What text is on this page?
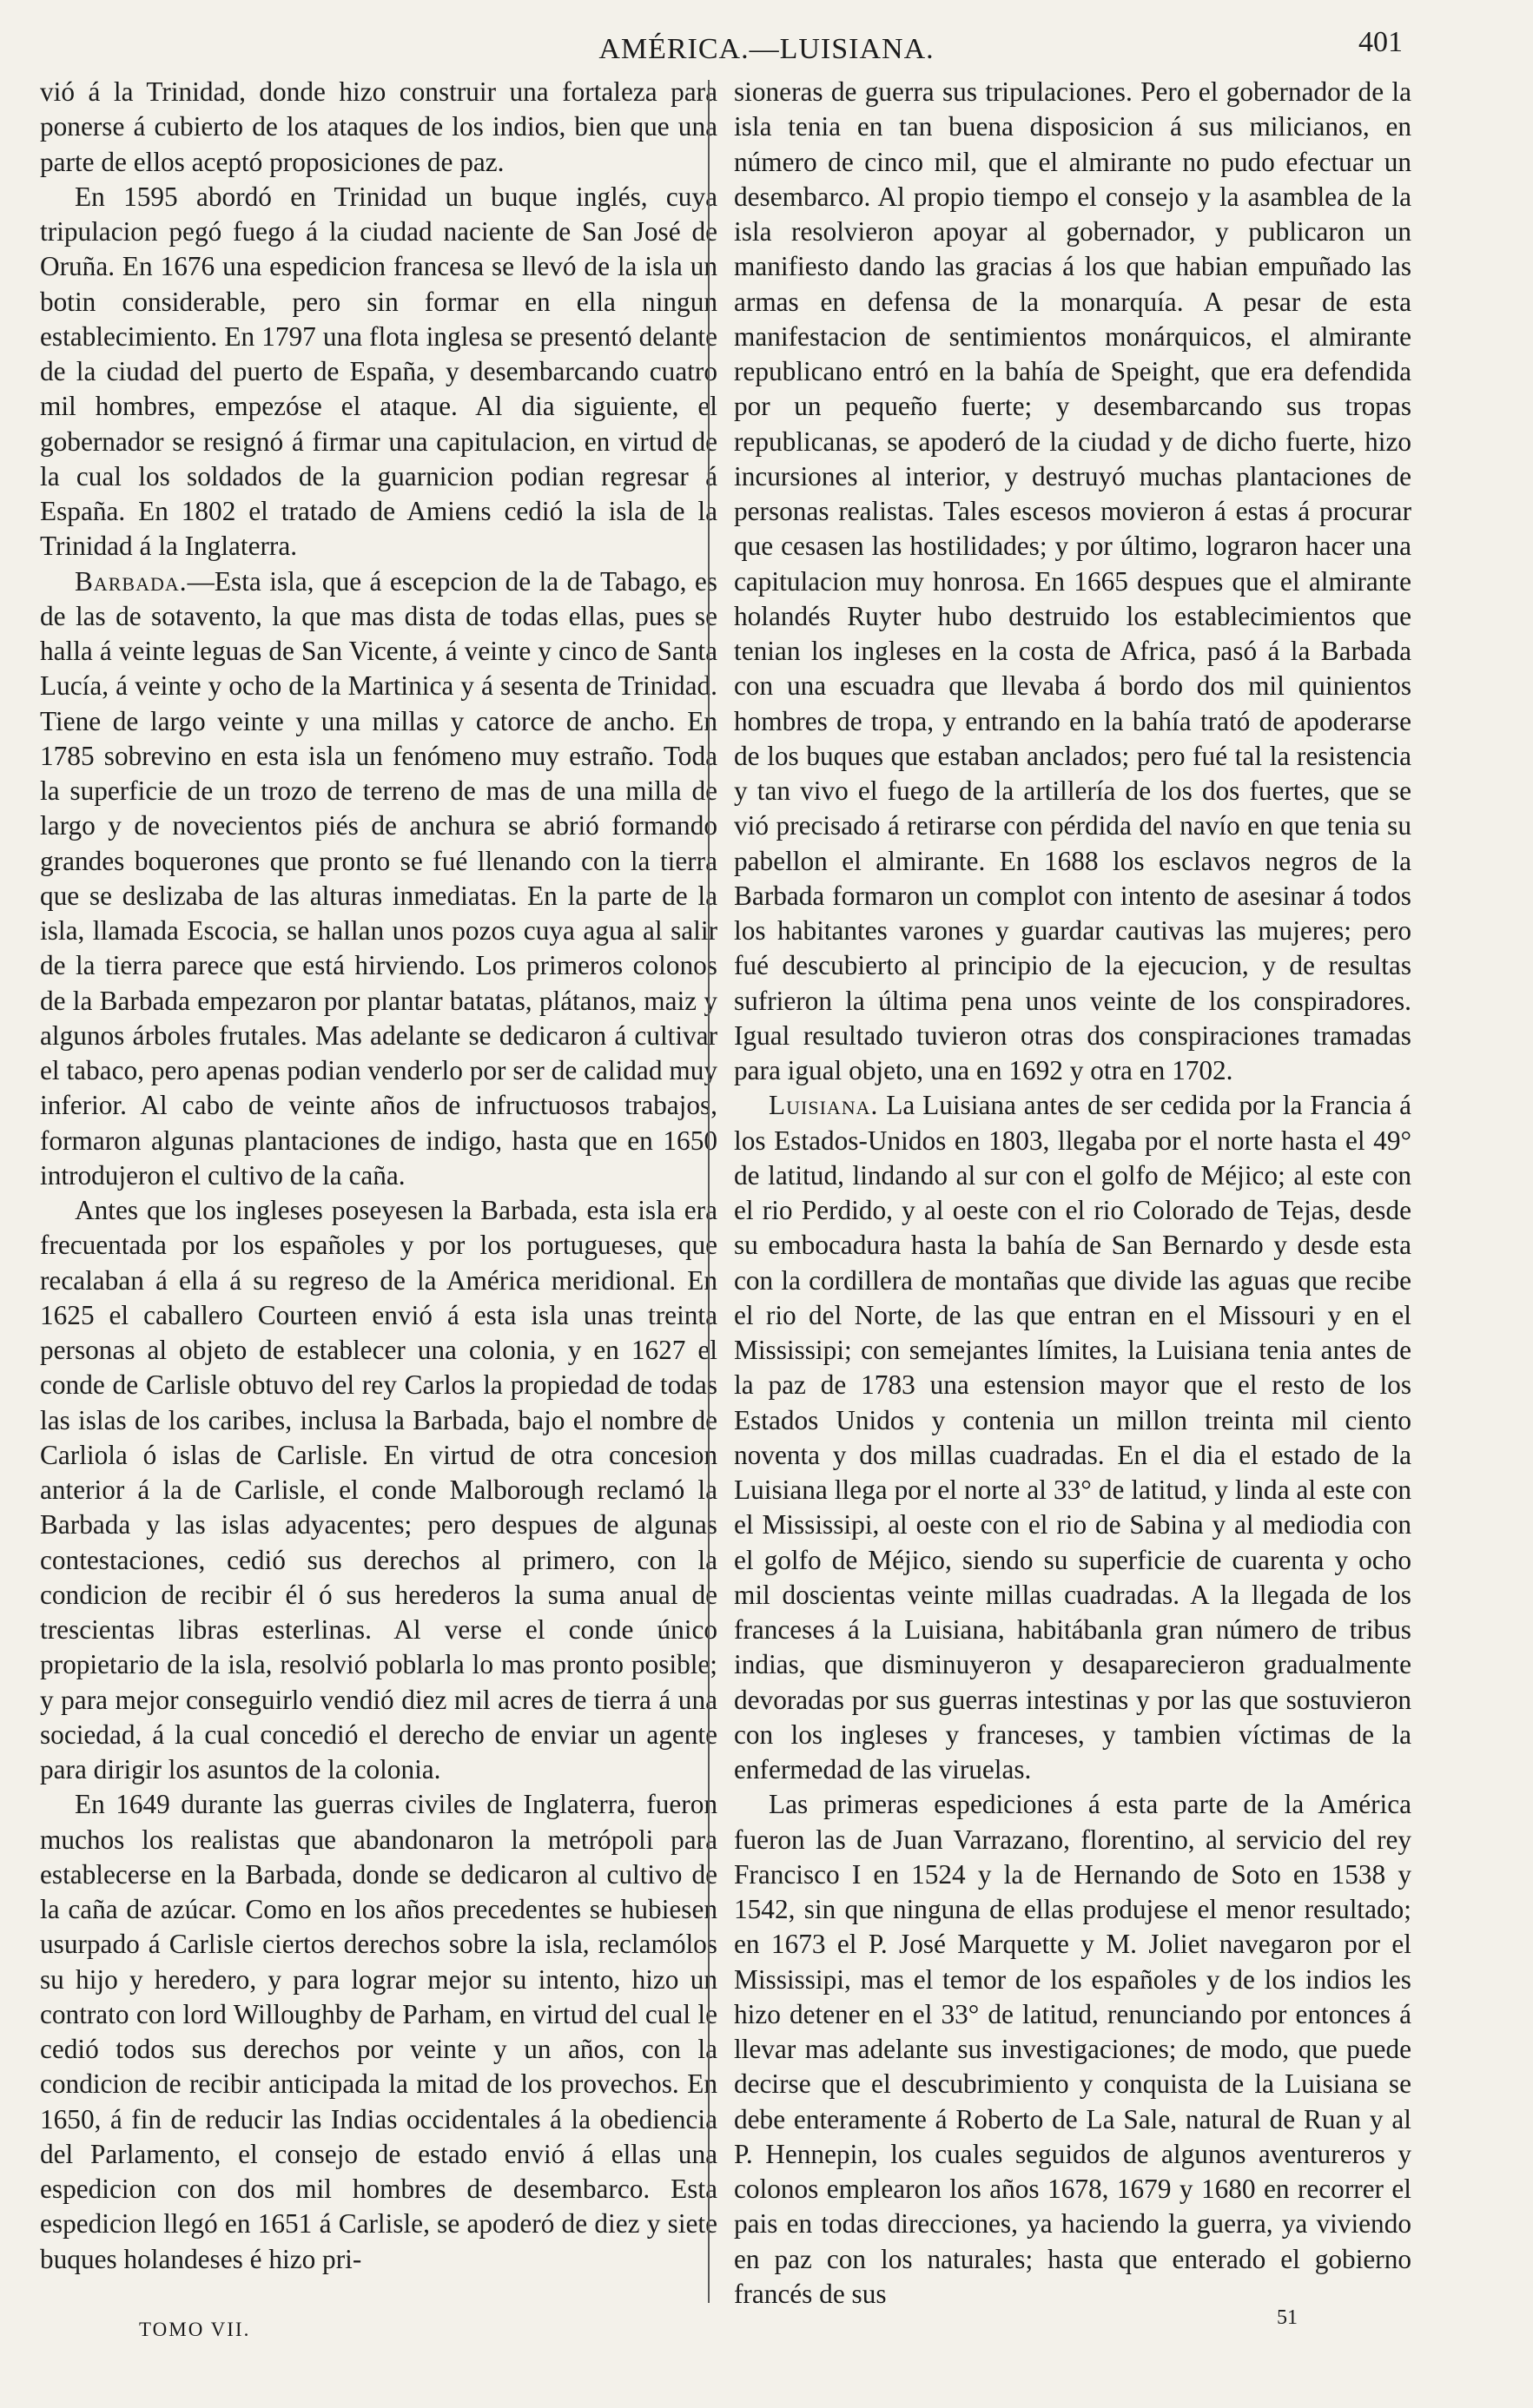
AMÉRICA.—LUISIANA.	401

vió á la Trinidad, donde hizo construir una fortaleza para ponerse á cubierto de los ataques de los indios, bien que una parte de ellos aceptó proposiciones de paz.

En 1595 abordó en Trinidad un buque inglés, cuya tripulacion pegó fuego á la ciudad naciente de San José de Oruña. En 1676 una espedicion francesa se llevó de la isla un botin considerable, pero sin formar en ella ningun establecimiento. En 1797 una flota inglesa se presentó delante de la ciudad del puerto de España, y desembarcando cuatro mil hombres, empezóse el ataque. Al dia siguiente, el gobernador se resignó á firmar una capitulacion, en virtud de la cual los soldados de la guarnicion podian regresar á España. En 1802 el tratado de Amiens cedió la isla de la Trinidad á la Inglaterra.

Barbada.—Esta isla, que á escepcion de la de Tabago, es de las de sotavento, la que mas dista de todas ellas, pues se halla á veinte leguas de San Vicente, á veinte y cinco de Santa Lucía, á veinte y ocho de la Martinica y á sesenta de Trinidad. Tiene de largo veinte y una millas y catorce de ancho. En 1785 sobrevino en esta isla un fenómeno muy estraño. Toda la superficie de un trozo de terreno de mas de una milla de largo y de novecientos piés de anchura se abrió formando grandes boquerones que pronto se fué llenando con la tierra que se deslizaba de las alturas inmediatas. En la parte de la isla, llamada Escocia, se hallan unos pozos cuya agua al salir de la tierra parece que está hirviendo. Los primeros colonos de la Barbada empezaron por plantar batatas, plátanos, maiz y algunos árboles frutales. Mas adelante se dedicaron á cultivar el tabaco, pero apenas podian venderlo por ser de calidad muy inferior. Al cabo de veinte años de infructuosos trabajos, formaron algunas plantaciones de indigo, hasta que en 1650 introdujeron el cultivo de la caña.

Antes que los ingleses poseyesen la Barbada, esta isla era frecuentada por los españoles y por los portugueses, que recalaban á ella á su regreso de la América meridional. En 1625 el caballero Courteen envió á esta isla unas treinta personas al objeto de establecer una colonia, y en 1627 el conde de Carlisle obtuvo del rey Carlos la propiedad de todas las islas de los caribes, inclusa la Barbada, bajo el nombre de Carliola ó islas de Carlisle. En virtud de otra concesion anterior á la de Carlisle, el conde Malborough reclamó la Barbada y las islas adyacentes; pero despues de algunas contestaciones, cedió sus derechos al primero, con la condicion de recibir él ó sus herederos la suma anual de trescientas libras esterlinas. Al verse el conde único propietario de la isla, resolvió poblarla lo mas pronto posible; y para mejor conseguirlo vendió diez mil acres de tierra á una sociedad, á la cual concedió el derecho de enviar un agente para dirigir los asuntos de la colonia.

En 1649 durante las guerras civiles de Inglaterra, fueron muchos los realistas que abandonaron la metrópoli para establecerse en la Barbada, donde se dedicaron al cultivo de la caña de azúcar. Como en los años precedentes se hubiesen usurpado á Carlisle ciertos derechos sobre la isla, reclamólos su hijo y heredero, y para lograr mejor su intento, hizo un contrato con lord Willoughby de Parham, en virtud del cual le cedió todos sus derechos por veinte y un años, con la condicion de recibir anticipada la mitad de los provechos. En 1650, á fin de reducir las Indias occidentales á la obediencia del Parlamento, el consejo de estado envió á ellas una espedicion con dos mil hombres de desembarco. Esta espedicion llegó en 1651 á Carlisle, se apoderó de diez y siete buques holandeses é hizo pri-

sioneras de guerra sus tripulaciones. Pero el gobernador de la isla tenia en tan buena disposicion á sus milicianos, en número de cinco mil, que el almirante no pudo efectuar un desembarco. Al propio tiempo el consejo y la asamblea de la isla resolvieron apoyar al gobernador, y publicaron un manifiesto dando las gracias á los que habian empuñado las armas en defensa de la monarquía. A pesar de esta manifestacion de sentimientos monárquicos, el almirante republicano entró en la bahía de Speight, que era defendida por un pequeño fuerte; y desembarcando sus tropas republicanas, se apoderó de la ciudad y de dicho fuerte, hizo incursiones al interior, y destruyó muchas plantaciones de personas realistas. Tales escesos movieron á estas á procurar que cesasen las hostilidades; y por último, lograron hacer una capitulacion muy honrosa. En 1665 despues que el almirante holandés Ruyter hubo destruido los establecimientos que tenian los ingleses en la costa de Africa, pasó á la Barbada con una escuadra que llevaba á bordo dos mil quinientos hombres de tropa, y entrando en la bahía trató de apoderarse de los buques que estaban anclados; pero fué tal la resistencia y tan vivo el fuego de la artillería de los dos fuertes, que se vió precisado á retirarse con pérdida del navío en que tenia su pabellon el almirante. En 1688 los esclavos negros de la Barbada formaron un complot con intento de asesinar á todos los habitantes varones y guardar cautivas las mujeres; pero fué descubierto al principio de la ejecucion, y de resultas sufrieron la última pena unos veinte de los conspiradores. Igual resultado tuvieron otras dos conspiraciones tramadas para igual objeto, una en 1692 y otra en 1702.

Luisiana. La Luisiana antes de ser cedida por la Francia á los Estados-Unidos en 1803, llegaba por el norte hasta el 49° de latitud, lindando al sur con el golfo de Méjico; al este con el rio Perdido, y al oeste con el rio Colorado de Tejas, desde su embocadura hasta la bahía de San Bernardo y desde esta con la cordillera de montañas que divide las aguas que recibe el rio del Norte, de las que entran en el Missouri y en el Mississipi; con semejantes límites, la Luisiana tenia antes de la paz de 1783 una estension mayor que el resto de los Estados Unidos y contenia un millon treinta mil ciento noventa y dos millas cuadradas. En el dia el estado de la Luisiana llega por el norte al 33° de latitud, y linda al este con el Mississipi, al oeste con el rio de Sabina y al mediodia con el golfo de Méjico, siendo su superficie de cuarenta y ocho mil doscientas veinte millas cuadradas. A la llegada de los franceses á la Luisiana, habitábanla gran número de tribus indias, que disminuyeron y desaparecieron gradualmente devoradas por sus guerras intestinas y por las que sostuvieron con los ingleses y franceses, y tambien víctimas de la enfermedad de las viruelas.

Las primeras espediciones á esta parte de la América fueron las de Juan Varrazano, florentino, al servicio del rey Francisco I en 1524 y la de Hernando de Soto en 1538 y 1542, sin que ninguna de ellas produjese el menor resultado; en 1673 el P. José Marquette y M. Joliet navegaron por el Mississipi, mas el temor de los españoles y de los indios les hizo detener en el 33° de latitud, renunciando por entonces á llevar mas adelante sus investigaciones; de modo, que puede decirse que el descubrimiento y conquista de la Luisiana se debe enteramente á Roberto de La Sale, natural de Ruan y al P. Hennepin, los cuales seguidos de algunos aventureros y colonos emplearon los años 1678, 1679 y 1680 en recorrer el pais en todas direcciones, ya haciendo la guerra, ya viviendo en paz con los naturales; hasta que enterado el gobierno francés de sus

TOMO VII.
51
